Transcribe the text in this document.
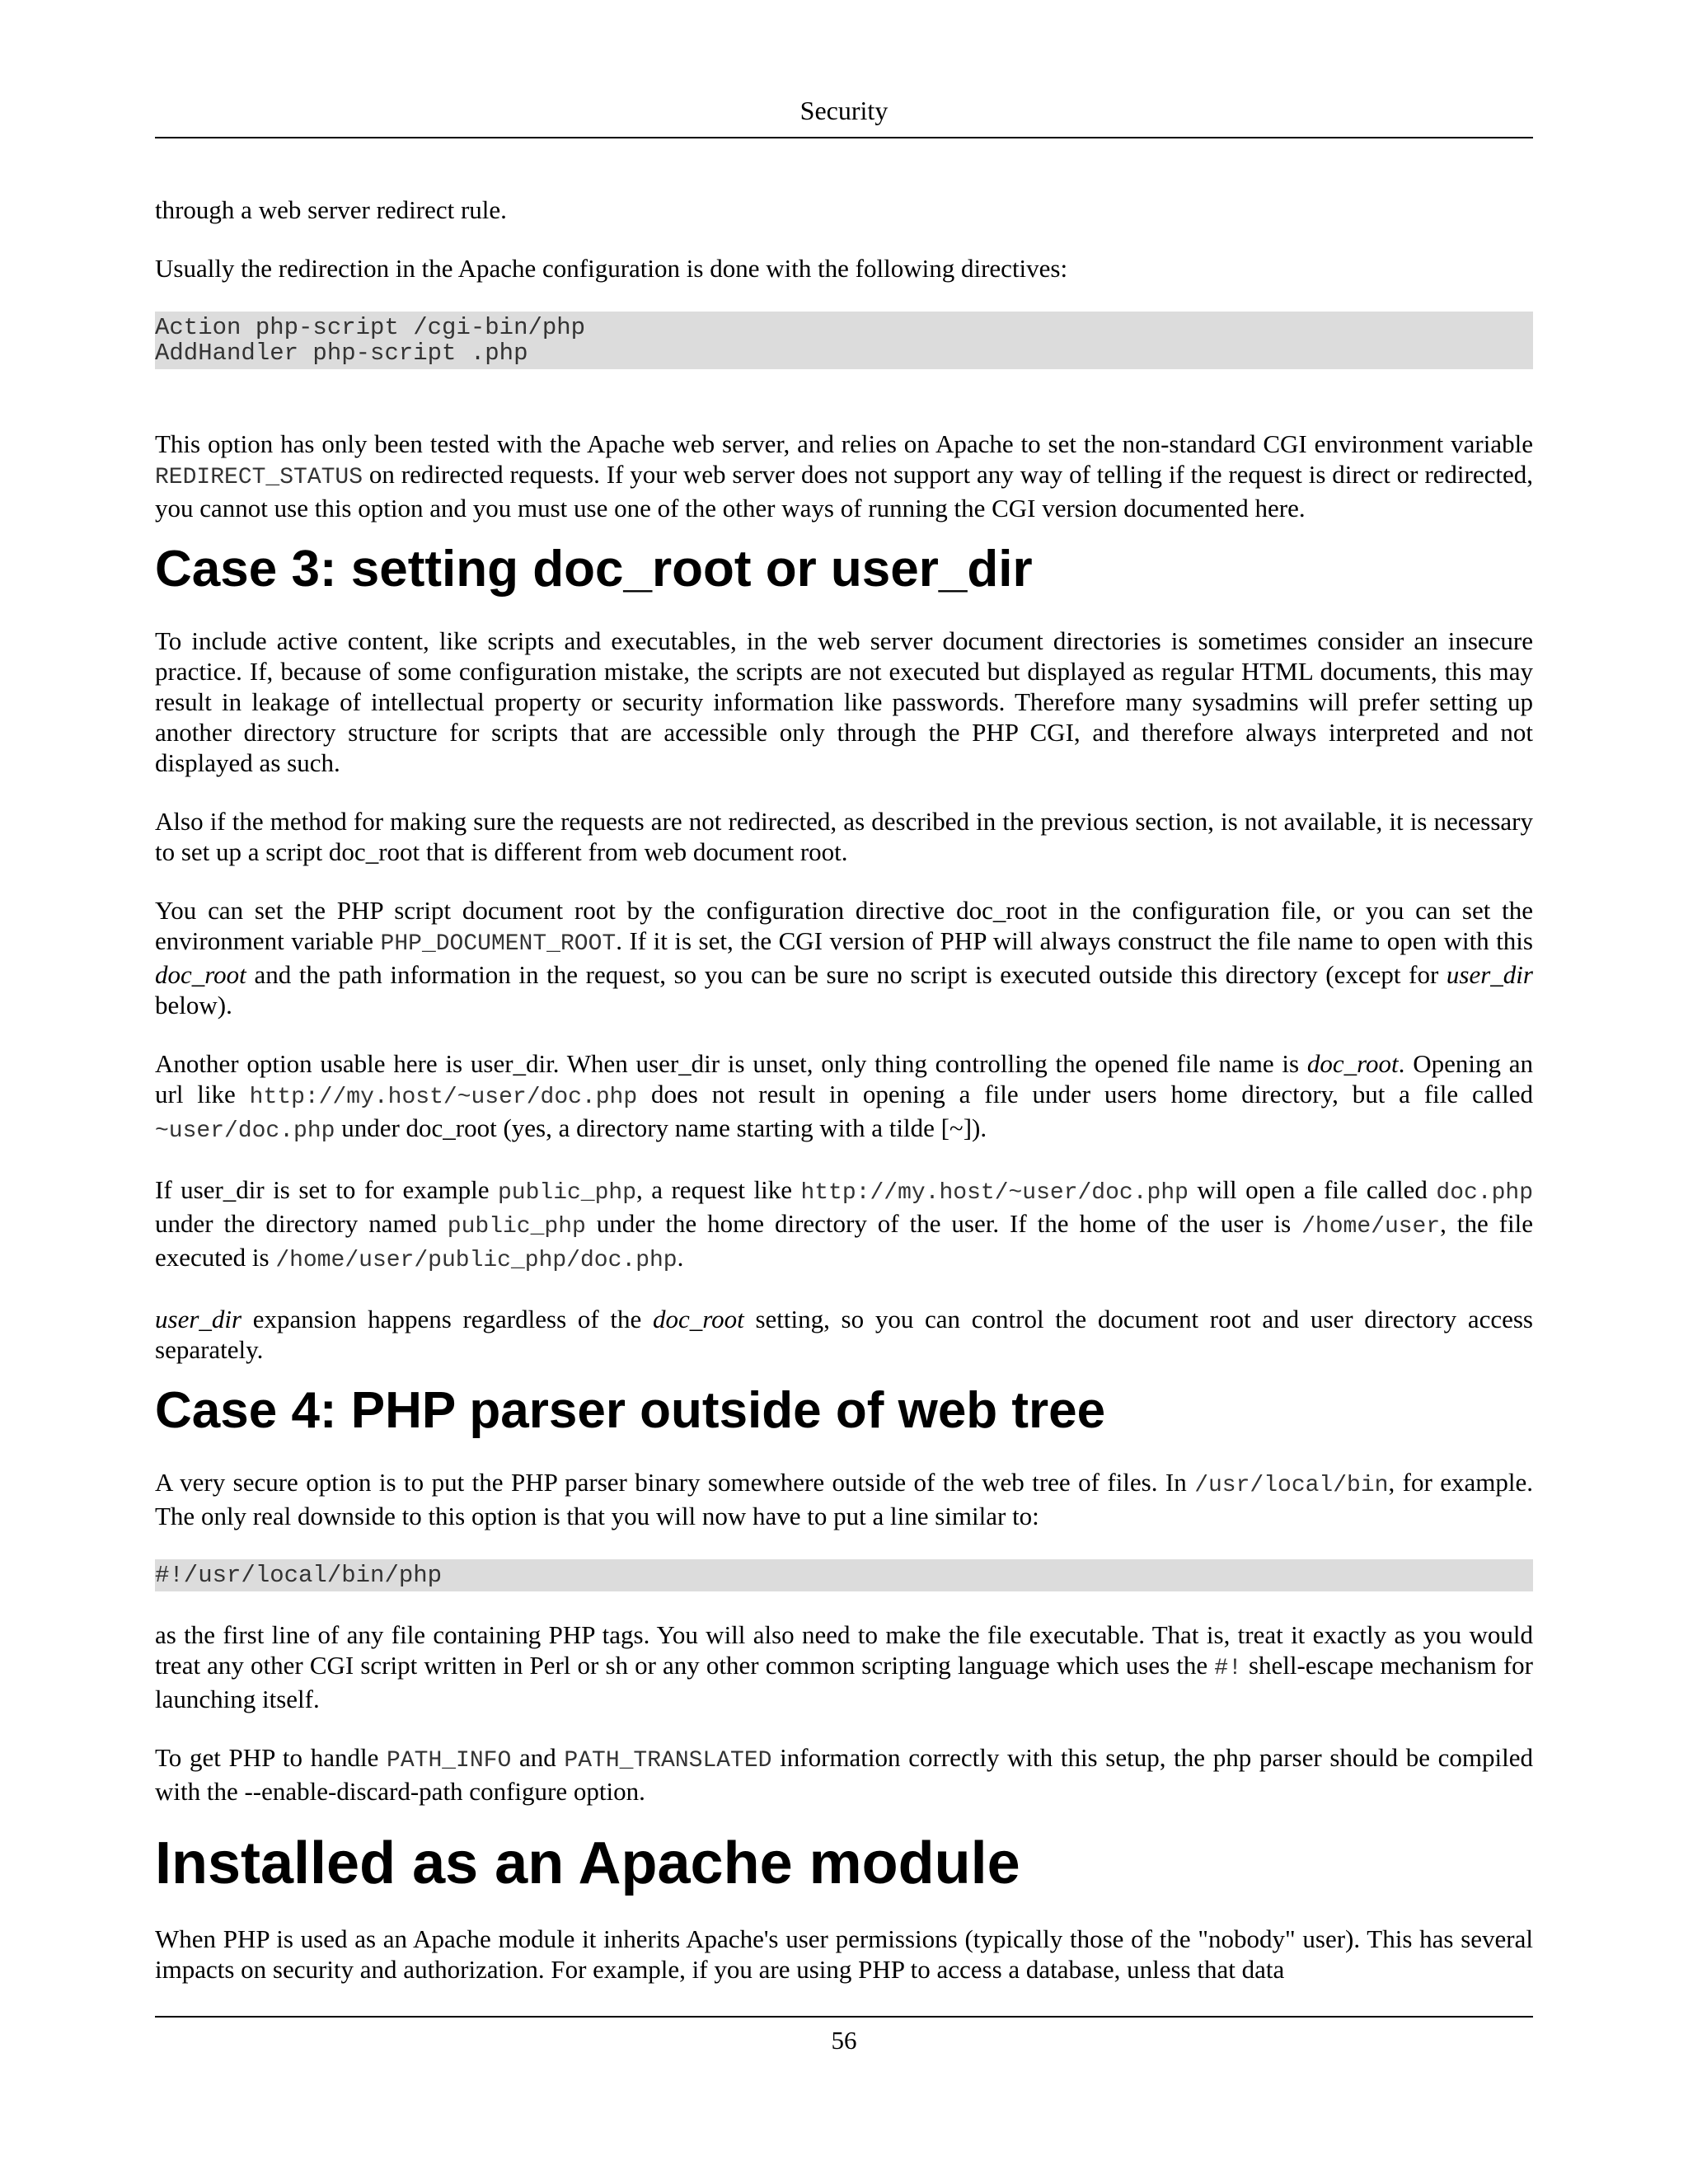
Security

through a web server redirect rule.

Usually the redirection in the Apache configuration is done with the following directives:

Action php-script /cgi-bin/php
AddHandler php-script .php

This option has only been tested with the Apache web server, and relies on Apache to set the non-standard CGI environment variable REDIRECT_STATUS on redirected requests. If your web server does not support any way of telling if the request is direct or redirected, you cannot use this option and you must use one of the other ways of running the CGI version documented here.

Case 3: setting doc_root or user_dir

To include active content, like scripts and executables, in the web server document directories is sometimes consider an insecure practice. If, because of some configuration mistake, the scripts are not executed but displayed as regular HTML documents, this may result in leakage of intellectual property or security information like passwords. Therefore many sysadmins will prefer setting up another directory structure for scripts that are accessible only through the PHP CGI, and therefore always interpreted and not displayed as such.

Also if the method for making sure the requests are not redirected, as described in the previous section, is not available, it is necessary to set up a script doc_root that is different from web document root.

You can set the PHP script document root by the configuration directive doc_root in the configuration file, or you can set the environment variable PHP_DOCUMENT_ROOT. If it is set, the CGI version of PHP will always construct the file name to open with this doc_root and the path information in the request, so you can be sure no script is executed outside this directory (except for user_dir below).

Another option usable here is user_dir. When user_dir is unset, only thing controlling the opened file name is doc_root. Opening an url like http://my.host/~user/doc.php does not result in opening a file under users home directory, but a file called ~user/doc.php under doc_root (yes, a directory name starting with a tilde [~]).

If user_dir is set to for example public_php, a request like http://my.host/~user/doc.php will open a file called doc.php under the directory named public_php under the home directory of the user. If the home of the user is /​home/user, the file executed is /home/user/public_php/doc.php.

user_dir expansion happens regardless of the doc_root setting, so you can control the document root and user directory access separately.

Case 4: PHP parser outside of web tree

A very secure option is to put the PHP parser binary somewhere outside of the web tree of files. In /usr/local/bin, for example. The only real downside to this option is that you will now have to put a line similar to:

#!/usr/local/bin/php

as the first line of any file containing PHP tags. You will also need to make the file executable. That is, treat it exactly as you would treat any other CGI script written in Perl or sh or any other common scripting language which uses the #! shell-escape mechanism for launching itself.

To get PHP to handle PATH_INFO and PATH_TRANSLATED information correctly with this setup, the php parser should be compiled with the --enable-discard-path configure option.

Installed as an Apache module

When PHP is used as an Apache module it inherits Apache's user permissions (typically those of the "nobody" user). This has several impacts on security and authorization. For example, if you are using PHP to access a database, unless that data

56
